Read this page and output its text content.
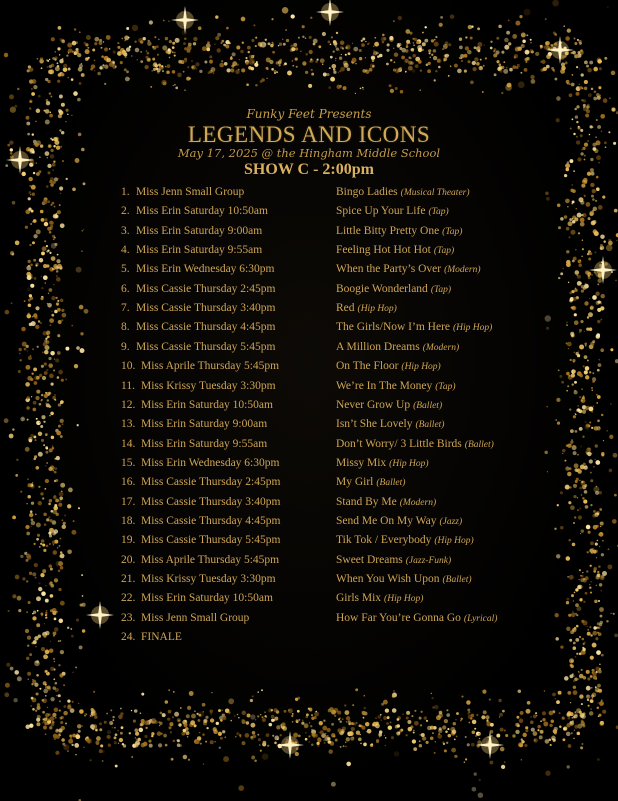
Funky Feet Presents
LEGENDS AND ICONS
May 17, 2025 @ the Hingham Middle School
SHOW C - 2:00pm
1. Miss Jenn Small Group	Bingo Ladies (Musical Theater)
2. Miss Erin Saturday 10:50am	Spice Up Your Life (Tap)
3. Miss Erin Saturday 9:00am	Little Bitty Pretty One (Tap)
4. Miss Erin Saturday 9:55am	Feeling Hot Hot Hot (Tap)
5. Miss Erin Wednesday 6:30pm	When the Party’s Over (Modern)
6. Miss Cassie Thursday 2:45pm	Boogie Wonderland (Tap)
7. Miss Cassie Thursday 3:40pm	Red (Hip Hop)
8. Miss Cassie Thursday 4:45pm	The Girls/Now I’m Here (Hip Hop)
9. Miss Cassie Thursday 5:45pm	A Million Dreams (Modern)
10. Miss Aprile Thursday 5:45pm	On The Floor (Hip Hop)
11. Miss Krissy Tuesday 3:30pm	We’re In The Money (Tap)
12. Miss Erin Saturday 10:50am	Never Grow Up (Ballet)
13. Miss Erin Saturday 9:00am	Isn’t She Lovely (Ballet)
14. Miss Erin Saturday 9:55am	Don’t Worry/ 3 Little Birds (Ballet)
15. Miss Erin Wednesday 6:30pm	Missy Mix (Hip Hop)
16. Miss Cassie Thursday 2:45pm	My Girl (Ballet)
17. Miss Cassie Thursday 3:40pm	Stand By Me (Modern)
18. Miss Cassie Thursday 4:45pm	Send Me On My Way (Jazz)
19. Miss Cassie Thursday 5:45pm	Tik Tok / Everybody (Hip Hop)
20. Miss Aprile Thursday 5:45pm	Sweet Dreams (Jazz-Funk)
21. Miss Krissy Tuesday 3:30pm	When You Wish Upon (Ballet)
22. Miss Erin Saturday 10:50am	Girls Mix (Hip Hop)
23. Miss Jenn Small Group	How Far You’re Gonna Go (Lyrical)
24. FINALE
